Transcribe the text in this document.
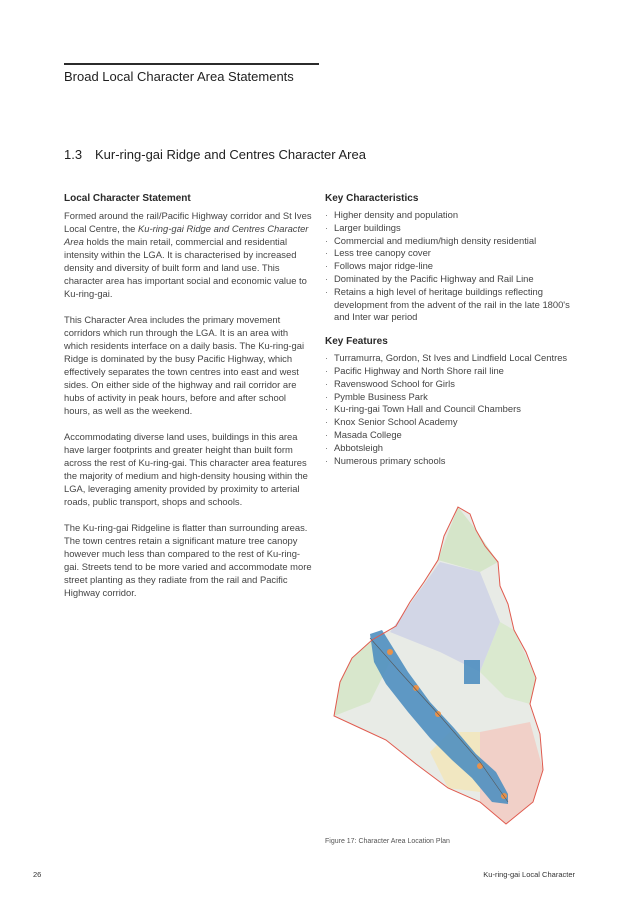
Broad Local Character Area Statements
1.3 Kur-ring-gai Ridge and Centres Character Area
Local Character Statement

Formed around the rail/Pacific Highway corridor and St Ives Local Centre, the Ku-ring-gai Ridge and Centres Character Area holds the main retail, commercial and residential intensity within the LGA. It is characterised by increased density and diversity of built form and land use. This character area has important social and economic value to Ku-ring-gai.

This Character Area includes the primary movement corridors which run through the LGA. It is an area with which residents interface on a daily basis. The Ku-ring-gai Ridge is dominated by the busy Pacific Highway, which effectively separates the town centres into east and west sides. On either side of the highway and rail corridor are hubs of activity in peak hours, before and after school hours, as well as the weekend.

Accommodating diverse land uses, buildings in this area have larger footprints and greater height than built form across the rest of Ku-ring-gai. This character area features the majority of medium and high-density housing within the LGA, leveraging amenity provided by proximity to arterial roads, public transport, shops and schools.

The Ku-ring-gai Ridgeline is flatter than surrounding areas. The town centres retain a significant mature tree canopy however much less than compared to the rest of Ku-ring-gai. Streets tend to be more varied and accommodate more street planting as they radiate from the rail and Pacific Highway corridor.

Key Characteristics
· Higher density and population
· Larger buildings
· Commercial and medium/high density residential
· Less tree canopy cover
· Follows major ridge-line
· Dominated by the Pacific Highway and Rail Line
· Retains a high level of heritage buildings reflecting development from the advent of the rail in the late 1800's and Inter war period
Key Features
· Turramurra, Gordon, St Ives and Lindfield Local Centres
· Pacific Highway and North Shore rail line
· Ravenswood School for Girls
· Pymble Business Park
· Ku-ring-gai Town Hall and Council Chambers
· Knox Senior School Academy
· Masada College
· Abbotsleigh
· Numerous primary schools
Figure 17: Character Area Location Plan
26	Ku-ring-gai Local Character
